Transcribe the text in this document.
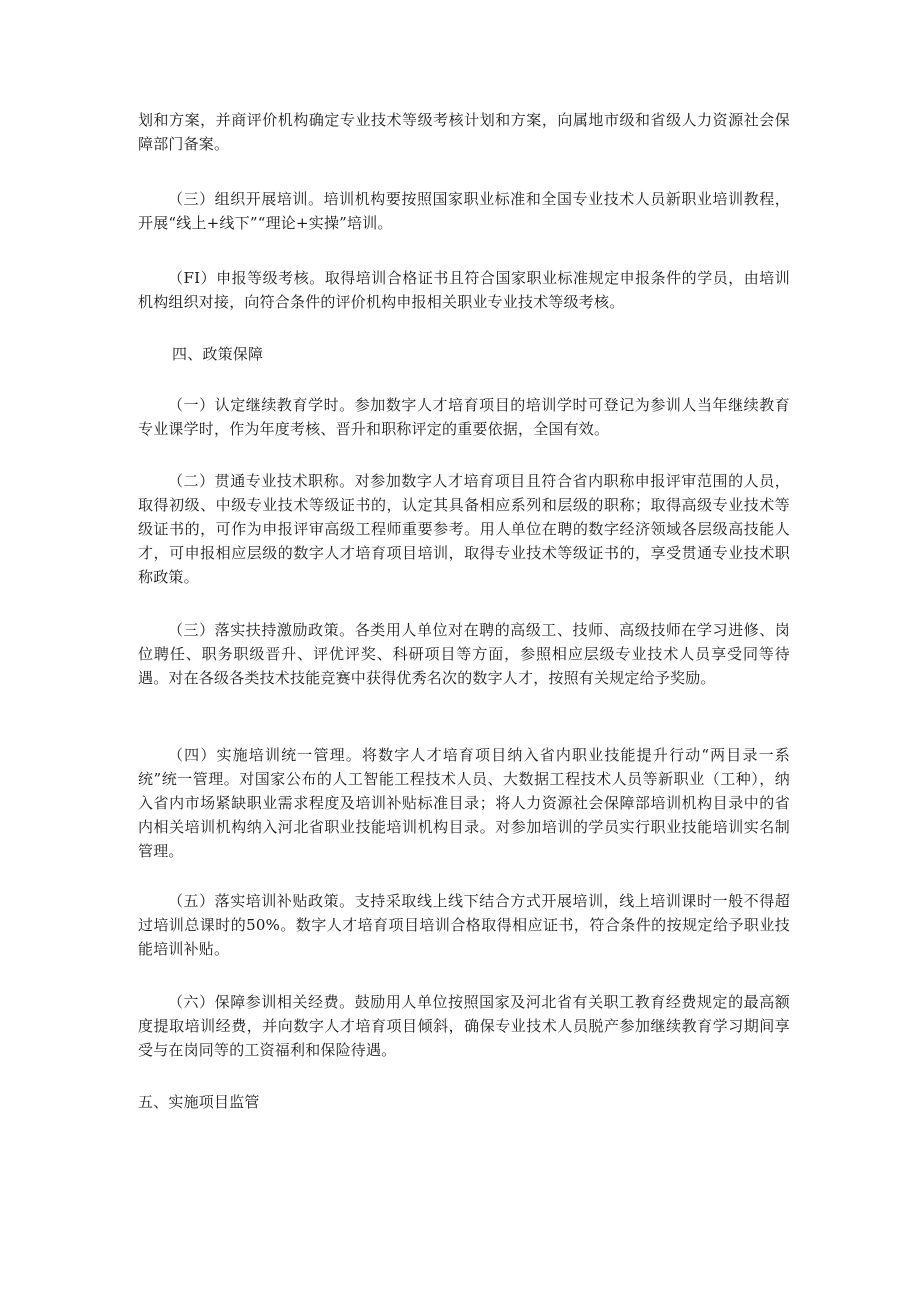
划和方案，并商评价机构确定专业技术等级考核计划和方案，向属地市级和省级人力资源社会保障部门备案。

（三）组织开展培训。培训机构要按照国家职业标准和全国专业技术人员新职业培训教程，开展“线上+线下”“理论+实操”培训。

（FI）申报等级考核。取得培训合格证书且符合国家职业标准规定申报条件的学员，由培训机构组织对接，向符合条件的评价机构申报相关职业专业技术等级考核。

四、政策保障

（一）认定继续教育学时。参加数字人才培育项目的培训学时可登记为参训人当年继续教育专业课学时，作为年度考核、晋升和职称评定的重要依据，全国有效。

（二）贯通专业技术职称。对参加数字人才培育项目且符合省内职称申报评审范围的人员，取得初级、中级专业技术等级证书的，认定其具备相应系列和层级的职称；取得高级专业技术等级证书的，可作为申报评审高级工程师重要参考。用人单位在聘的数字经济领域各层级高技能人才，可申报相应层级的数字人才培育项目培训，取得专业技术等级证书的，享受贯通专业技术职称政策。

（三）落实扶持激励政策。各类用人单位对在聘的高级工、技师、高级技师在学习进修、岗位聘任、职务职级晋升、评优评奖、科研项目等方面，参照相应层级专业技术人员享受同等待遇。对在各级各类技术技能竞赛中获得优秀名次的数字人才，按照有关规定给予奖励。

（四）实施培训统一管理。将数字人才培育项目纳入省内职业技能提升行动“两目录一系统”统一管理。对国家公布的人工智能工程技术人员、大数据工程技术人员等新职业（工种），纳入省内市场紧缺职业需求程度及培训补贴标准目录；将人力资源社会保障部培训机构目录中的省内相关培训机构纳入河北省职业技能培训机构目录。对参加培训的学员实行职业技能培训实名制管理。

（五）落实培训补贴政策。支持采取线上线下结合方式开展培训，线上培训课时一般不得超过培训总课时的50%。数字人才培育项目培训合格取得相应证书，符合条件的按规定给予职业技能培训补贴。

（六）保障参训相关经费。鼓励用人单位按照国家及河北省有关职工教育经费规定的最高额度提取培训经费，并向数字人才培育项目倾斜，确保专业技术人员脱产参加继续教育学习期间享受与在岗同等的工资福利和保险待遇。

五、实施项目监管
